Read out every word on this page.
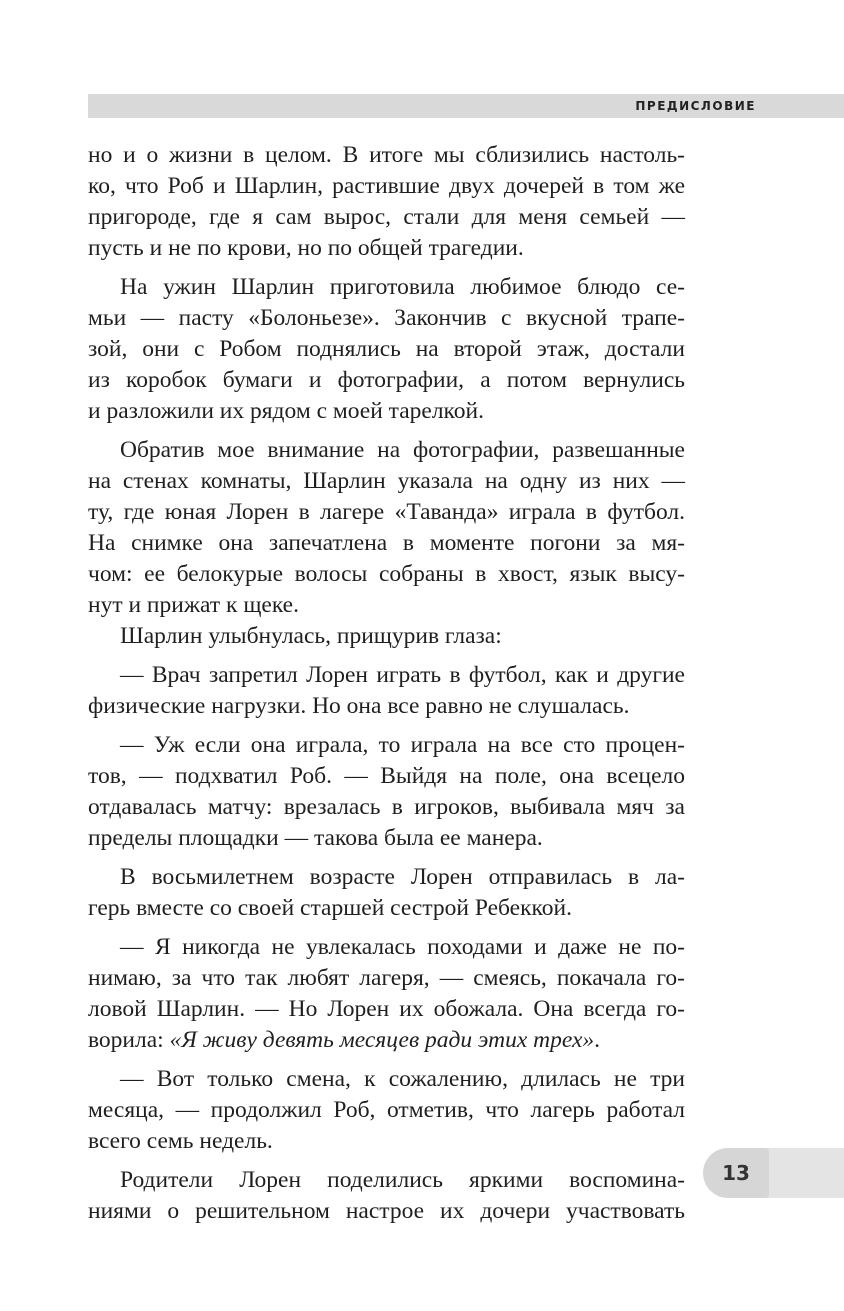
ПРЕДИСЛОВИЕ
но и о жизни в целом. В итоге мы сблизились настоль-
ко, что Роб и Шарлин, растившие двух дочерей в том же
пригороде, где я сам вырос, стали для меня семьей —
пусть и не по крови, но по общей трагедии.
На ужин Шарлин приготовила любимое блюдо се-
мьи — пасту «Болоньезе». Закончив с вкусной трапе-
зой, они с Робом поднялись на второй этаж, достали
из коробок бумаги и фотографии, а потом вернулись
и разложили их рядом с моей тарелкой.
Обратив мое внимание на фотографии, развешанные
на стенах комнаты, Шарлин указала на одну из них —
ту, где юная Лорен в лагере «Таванда» играла в футбол.
На снимке она запечатлена в моменте погони за мя-
чом: ее белокурые волосы собраны в хвост, язык высу-
нут и прижат к щеке.
Шарлин улыбнулась, прищурив глаза:
— Врач запретил Лорен играть в футбол, как и другие
физические нагрузки. Но она все равно не слушалась.
— Уж если она играла, то играла на все сто процен-
тов, — подхватил Роб. — Выйдя на поле, она всецело
отдавалась матчу: врезалась в игроков, выбивала мяч за
пределы площадки — такова была ее манера.
В восьмилетнем возрасте Лорен отправилась в ла-
герь вместе со своей старшей сестрой Ребеккой.
— Я никогда не увлекалась походами и даже не по-
нимаю, за что так любят лагеря, — смеясь, покачала го-
ловой Шарлин. — Но Лорен их обожала. Она всегда го-
ворила: «Я живу девять месяцев ради этих трех».
— Вот только смена, к сожалению, длилась не три
месяца, — продолжил Роб, отметив, что лагерь работал
всего семь недель.
Родители Лорен поделились яркими воспомина-
ниями о решительном настрое их дочери участвовать
13
